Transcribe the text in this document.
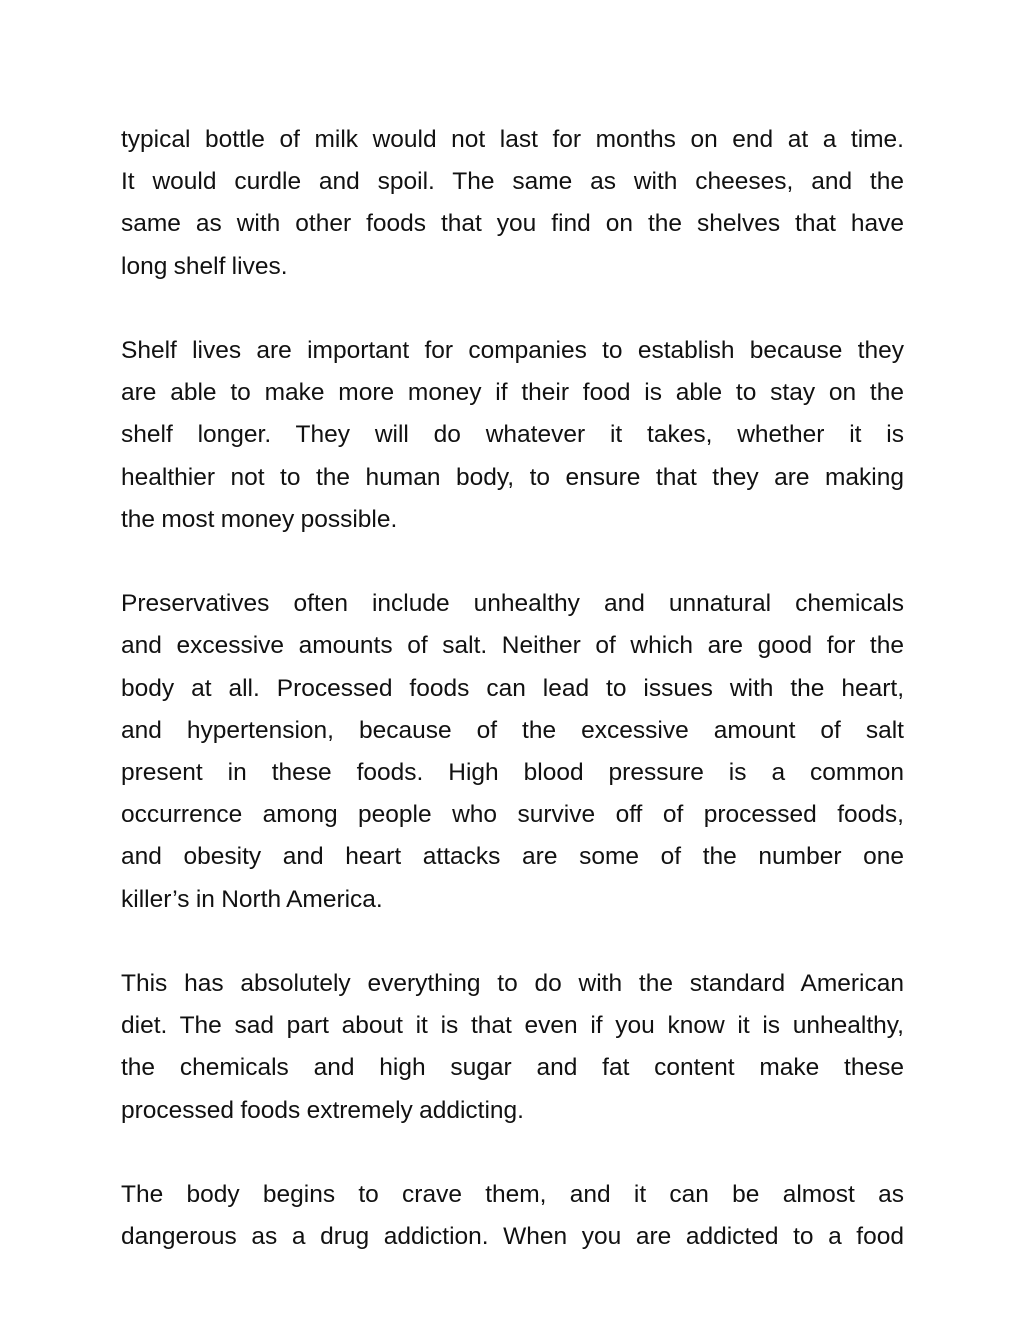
typical bottle of milk would not last for months on end at a time.
It would curdle and spoil. The same as with cheeses, and the
same as with other foods that you find on the shelves that have
long shelf lives.

Shelf lives are important for companies to establish because they
are able to make more money if their food is able to stay on the
shelf longer. They will do whatever it takes, whether it is
healthier not to the human body, to ensure that they are making
the most money possible.

Preservatives often include unhealthy and unnatural chemicals
and excessive amounts of salt. Neither of which are good for the
body at all. Processed foods can lead to issues with the heart,
and hypertension, because of the excessive amount of salt
present in these foods. High blood pressure is a common
occurrence among people who survive off of processed foods,
and obesity and heart attacks are some of the number one
killer’s in North America.

This has absolutely everything to do with the standard American
diet. The sad part about it is that even if you know it is unhealthy,
the chemicals and high sugar and fat content make these
processed foods extremely addicting.

The body begins to crave them, and it can be almost as
dangerous as a drug addiction. When you are addicted to a food
